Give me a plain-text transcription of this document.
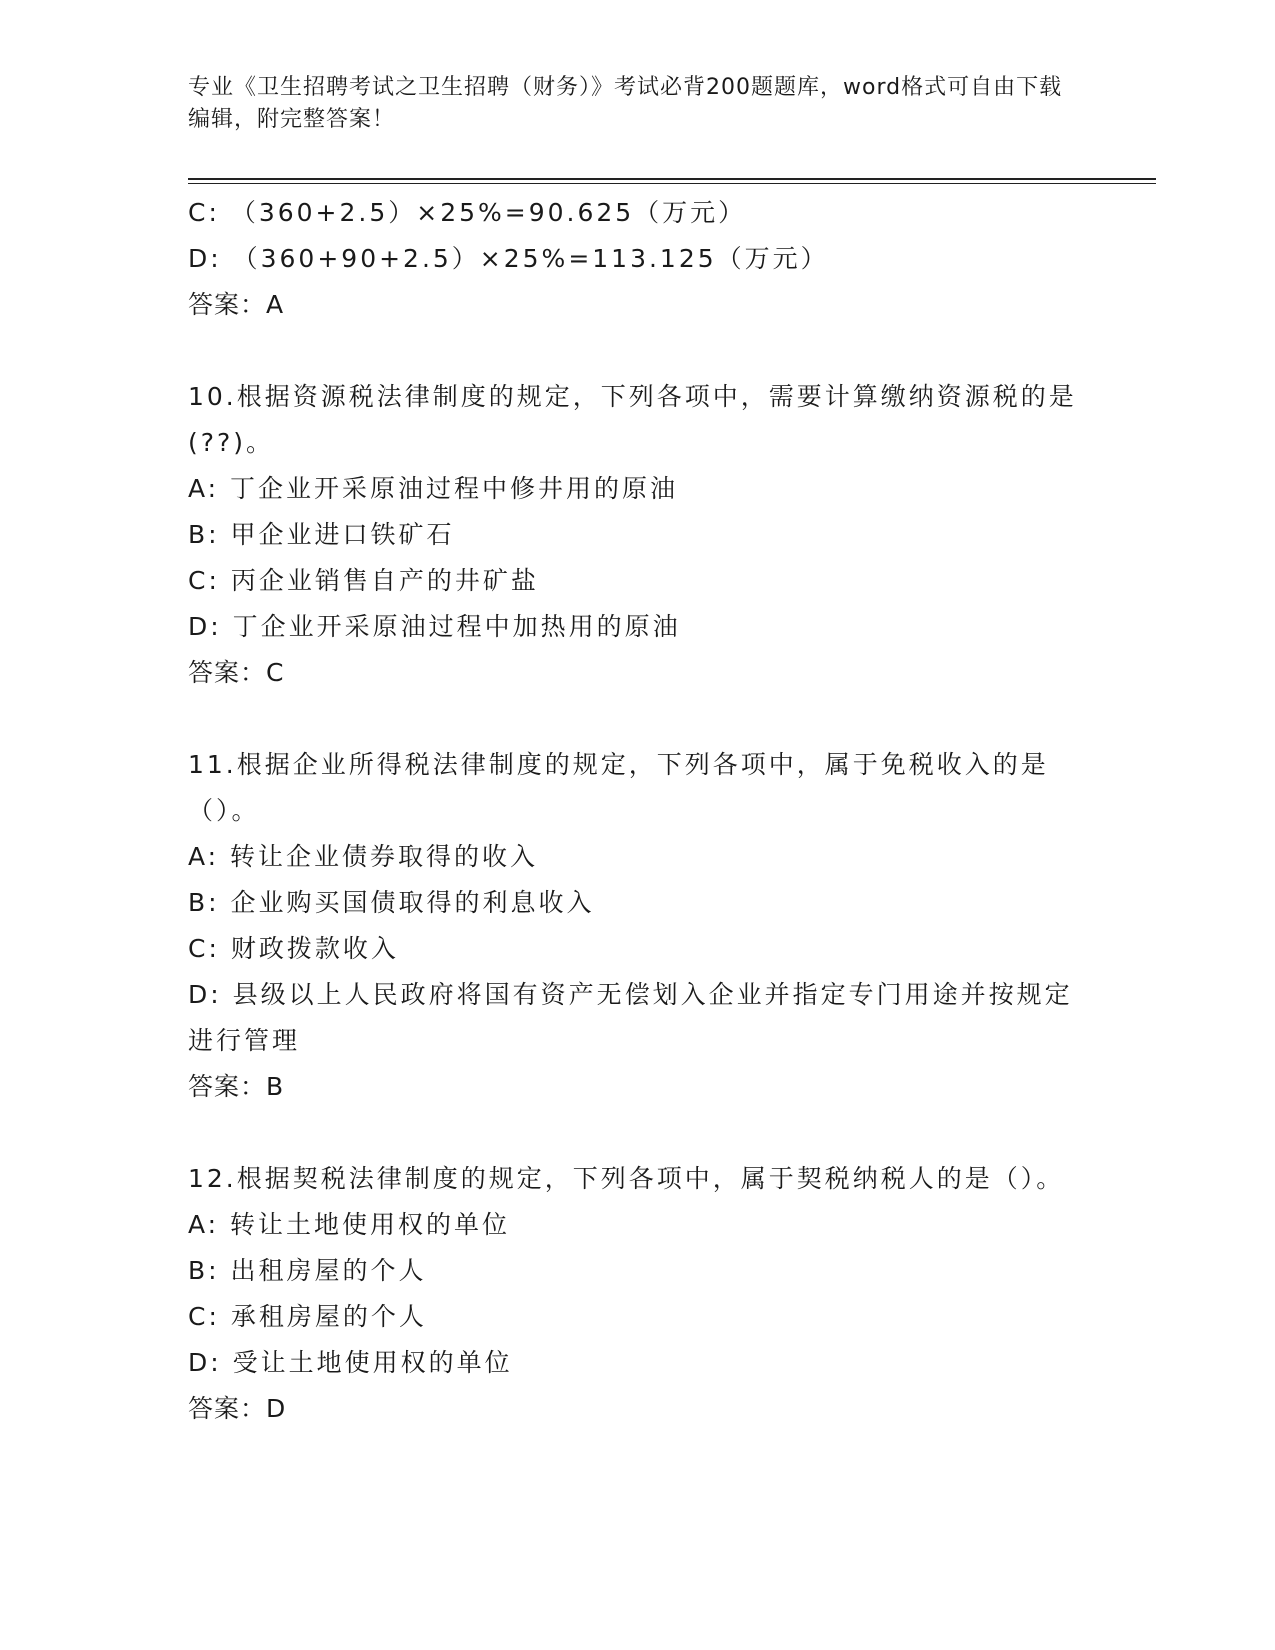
专业《卫生招聘考试之卫生招聘（财务）》考试必背200题题库，word格式可自由下载编辑，附完整答案！
C: （360+2.5）×25%=90.625（万元）
D: （360+90+2.5）×25%=113.125（万元）
答案：A
10.根据资源税法律制度的规定，下列各项中，需要计算缴纳资源税的是(??)。
A: 丁企业开采原油过程中修井用的原油
B: 甲企业进口铁矿石
C: 丙企业销售自产的井矿盐
D: 丁企业开采原油过程中加热用的原油
答案：C
11.根据企业所得税法律制度的规定，下列各项中，属于免税收入的是（）。
A: 转让企业债券取得的收入
B: 企业购买国债取得的利息收入
C: 财政拨款收入
D: 县级以上人民政府将国有资产无偿划入企业并指定专门用途并按规定进行管理
答案：B
12.根据契税法律制度的规定，下列各项中，属于契税纳税人的是（）。
A: 转让土地使用权的单位
B: 出租房屋的个人
C: 承租房屋的个人
D: 受让土地使用权的单位
答案：D
